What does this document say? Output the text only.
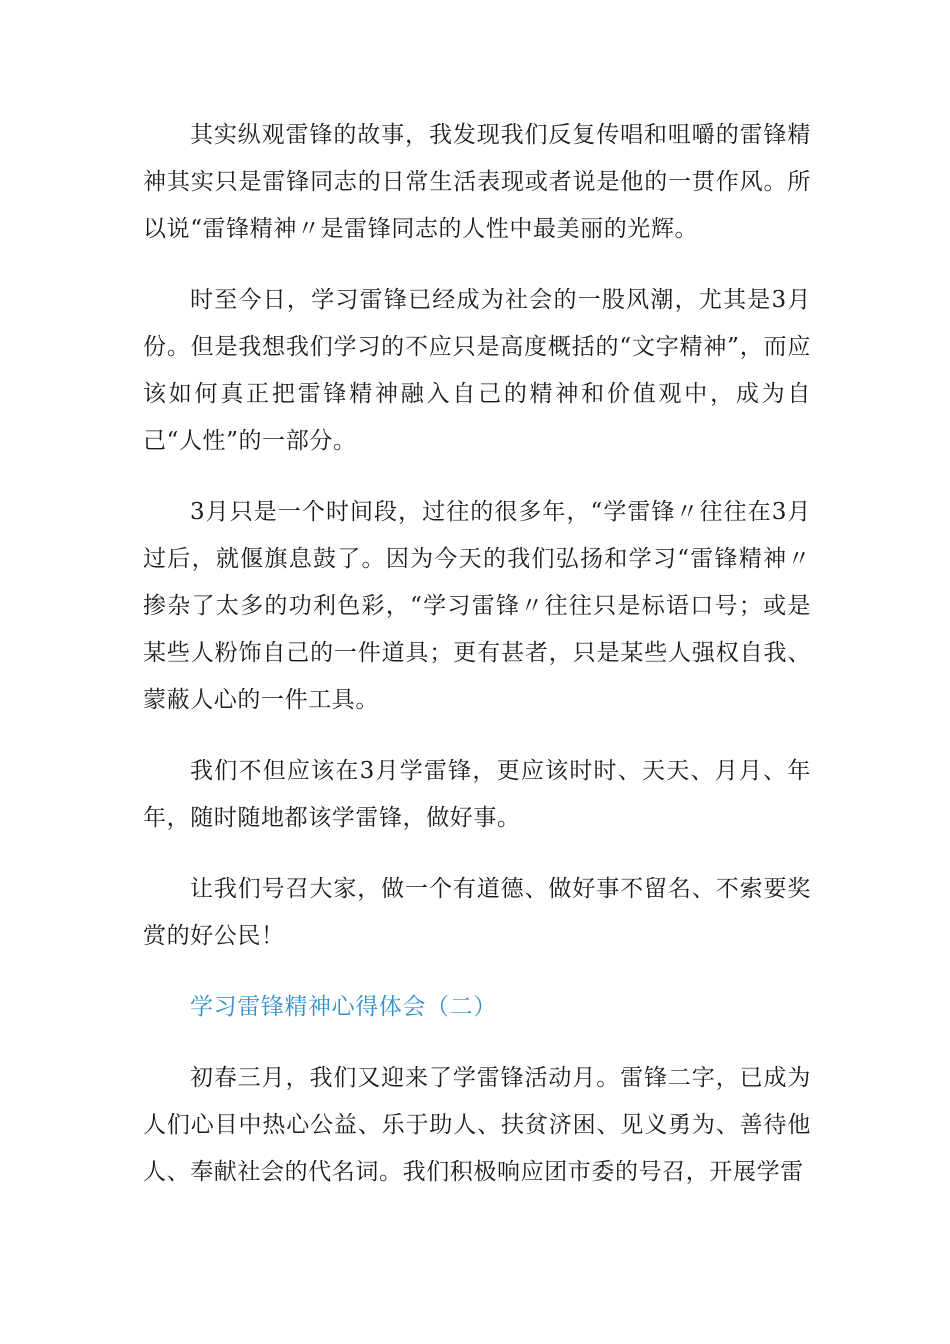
其实纵观雷锋的故事，我发现我们反复传唱和咀嚼的雷锋精神其实只是雷锋同志的日常生活表现或者说是他的一贯作风。所以说“雷锋精神〃是雷锋同志的人性中最美丽的光辉。

时至今日，学习雷锋已经成为社会的一股风潮，尤其是3月份。但是我想我们学习的不应只是高度概括的“文字精神”，而应该如何真正把雷锋精神融入自己的精神和价值观中，成为自己“人性”的一部分。

3月只是一个时间段，过往的很多年，“学雷锋〃往往在3月过后，就偃旗息鼓了。因为今天的我们弘扬和学习“雷锋精神〃掺杂了太多的功利色彩，“学习雷锋〃往往只是标语口号；或是某些人粉饰自己的一件道具；更有甚者，只是某些人强权自我、蒙蔽人心的一件工具。

我们不但应该在3月学雷锋，更应该时时、天天、月月、年年，随时随地都该学雷锋，做好事。

让我们号召大家，做一个有道德、做好事不留名、不索要奖赏的好公民！

学习雷锋精神心得体会（二）

初春三月，我们又迎来了学雷锋活动月。雷锋二字，已成为人们心目中热心公益、乐于助人、扶贫济困、见义勇为、善待他人、奉献社会的代名词。我们积极响应团市委的号召，开展学雷
